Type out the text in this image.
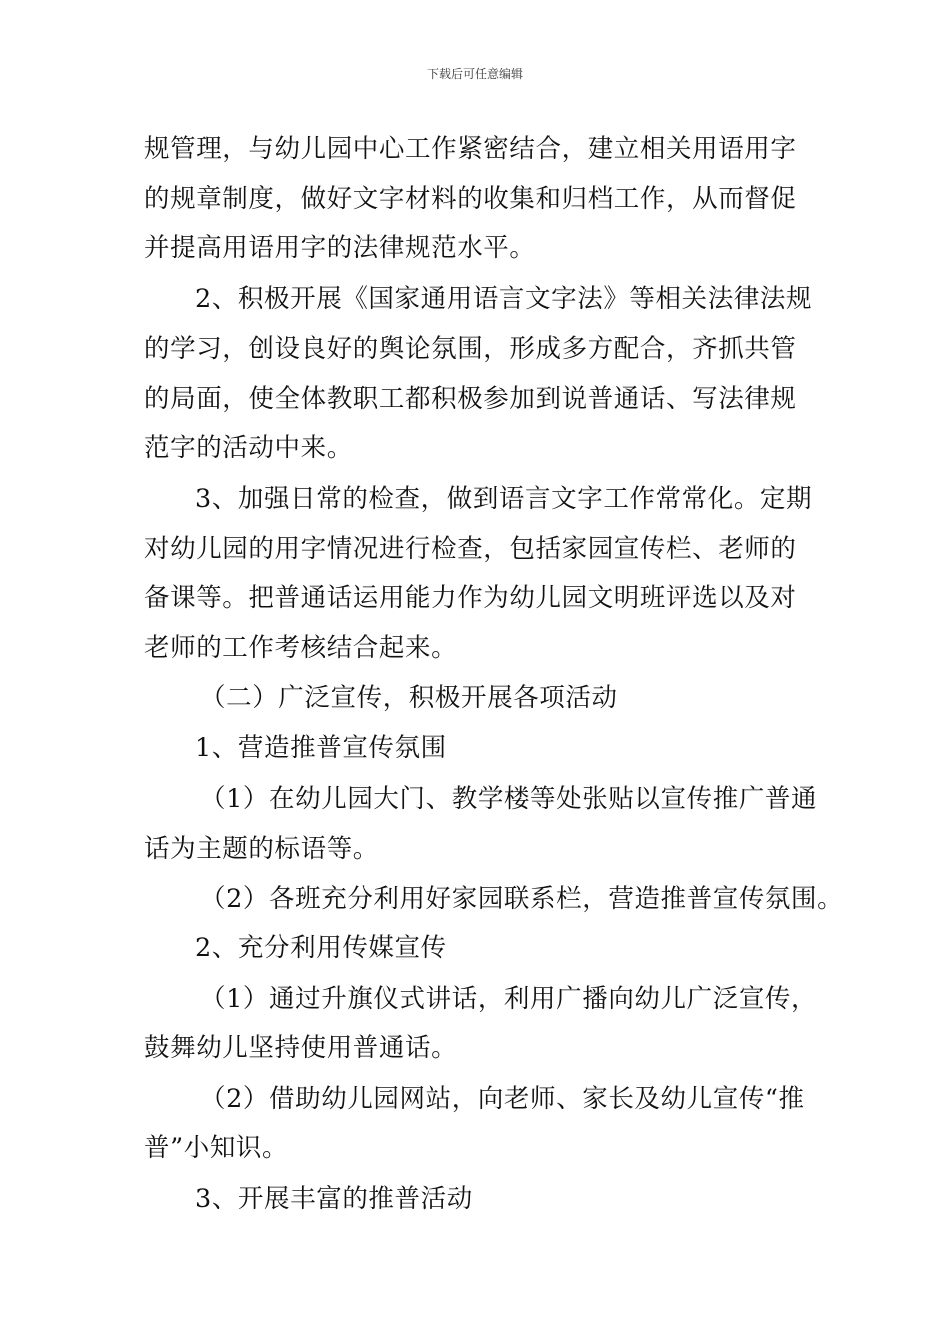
下载后可任意编辑
规管理，与幼儿园中心工作紧密结合，建立相关用语用字
的规章制度，做好文字材料的收集和归档工作，从而督促
并提高用语用字的法律规范水平。
2、积极开展《国家通用语言文字法》等相关法律法规
的学习，创设良好的舆论氛围，形成多方配合，齐抓共管
的局面，使全体教职工都积极参加到说普通话、写法律规
范字的活动中来。
3、加强日常的检查，做到语言文字工作常常化。定期
对幼儿园的用字情况进行检查，包括家园宣传栏、老师的
备课等。把普通话运用能力作为幼儿园文明班评选以及对
老师的工作考核结合起来。
（二）广泛宣传，积极开展各项活动
1、营造推普宣传氛围
（1）在幼儿园大门、教学楼等处张贴以宣传推广普通
话为主题的标语等。
（2）各班充分利用好家园联系栏，营造推普宣传氛围。
2、充分利用传媒宣传
（1）通过升旗仪式讲话，利用广播向幼儿广泛宣传，
鼓舞幼儿坚持使用普通话。
（2）借助幼儿园网站，向老师、家长及幼儿宣传“推
普”小知识。
3、开展丰富的推普活动
